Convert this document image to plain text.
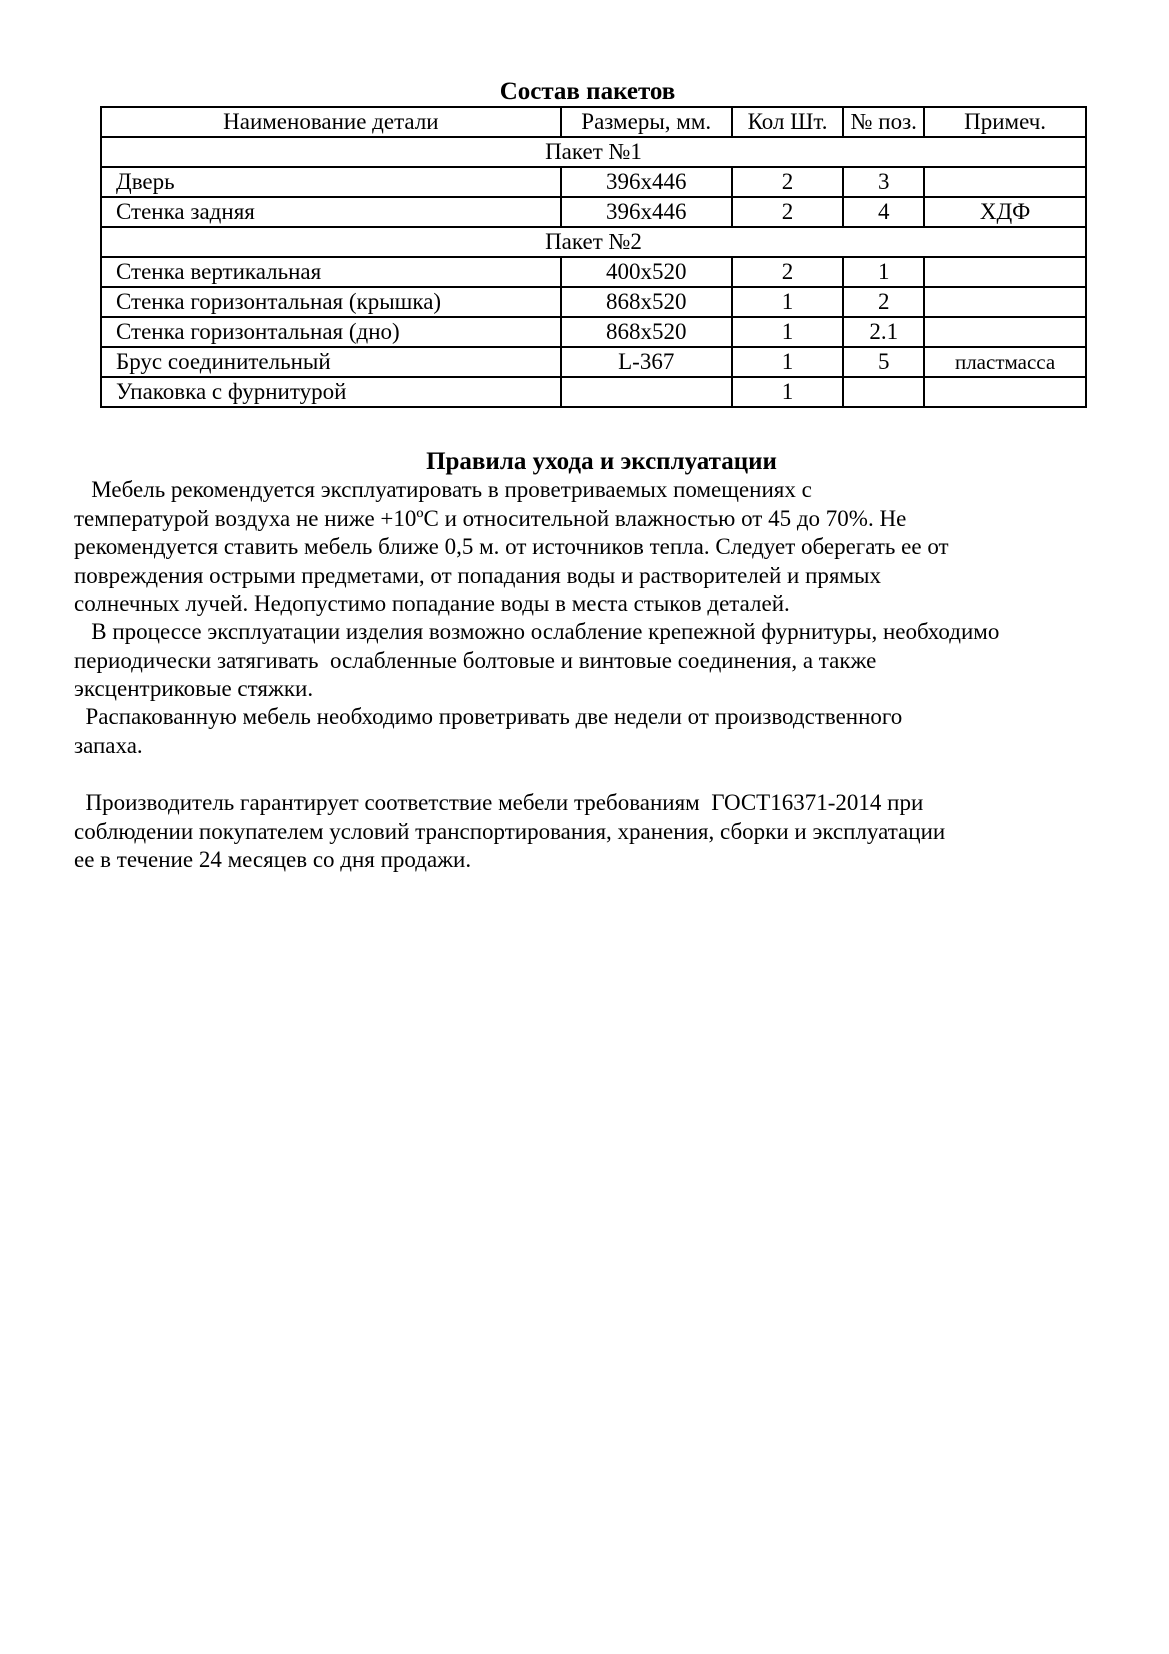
Состав пакетов
Наименование детали	Размеры, мм.	Кол Шт.	№ поз.	Примеч.
Пакет №1				
Дверь	396х446	2	3	
Стенка задняя	396х446	2	4	ХДФ
Пакет №2				
Стенка вертикальная	400х520	2	1	
Стенка горизонтальная (крышка)	868х520	1	2	
Стенка горизонтальная (дно)	868х520	1	2.1	
Брус соединительный	L-367	1	5	пластмасса
Упаковка с фурнитурой		1		
Правила ухода и эксплуатации
Мебель рекомендуется эксплуатировать в проветриваемых помещениях с
температурой воздуха не ниже +10ºС и относительной влажностью от 45 до 70%. Не
рекомендуется ставить мебель ближе 0,5 м. от источников тепла. Следует оберегать ее от
повреждения острыми предметами, от попадания воды и растворителей и прямых
солнечных лучей. Недопустимо попадание воды в места стыков деталей.
В процессе эксплуатации изделия возможно ослабление крепежной фурнитуры, необходимо
периодически затягивать  ослабленные болтовые и винтовые соединения, а также
эксцентриковые стяжки.
Распакованную мебель необходимо проветривать две недели от производственного
запаха.
Производитель гарантирует соответствие мебели требованиям  ГОСТ16371-2014 при
соблюдении покупателем условий транспортирования, хранения, сборки и эксплуатации
ее в течение 24 месяцев со дня продажи.
